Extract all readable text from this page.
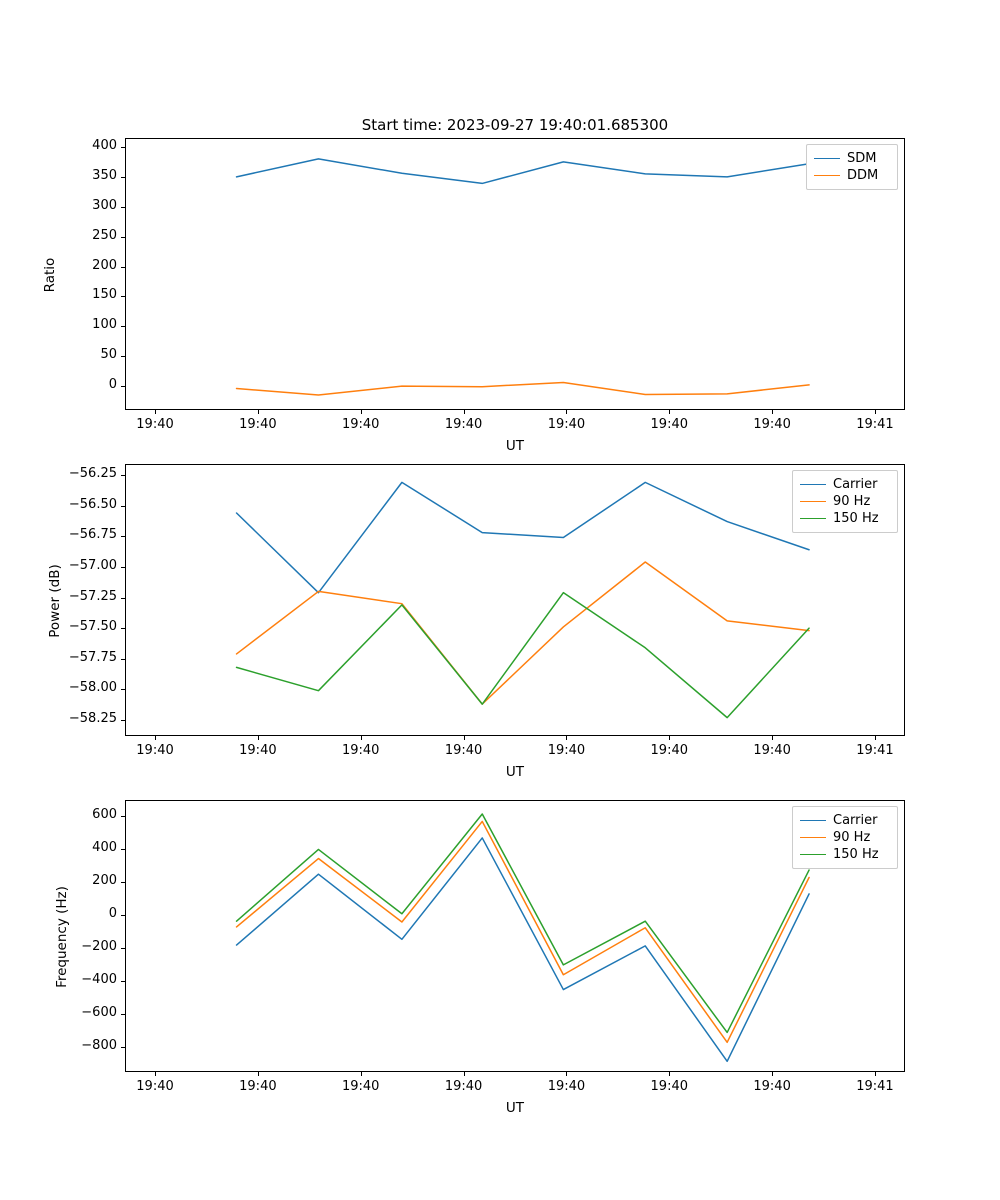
Start time: 2023-09-27 19:40:01.685300
Ratio
UT
SDM
DDM
0
50
100
150
200
250
300
350
400
19:40	19:40	19:40	19:40	19:40	19:40	19:40	19:41
Power (dB)
UT
Carrier
90 Hz
150 Hz
−58.25
−58.00
−57.75
−57.50
−57.25
−57.00
−56.75
−56.50
−56.25
19:40	19:40	19:40	19:40	19:40	19:40	19:40	19:41
Frequency (Hz)
UT
Carrier
90 Hz
150 Hz
−800
−600
−400
−200
0
200
400
600
19:40	19:40	19:40	19:40	19:40	19:40	19:40	19:41
